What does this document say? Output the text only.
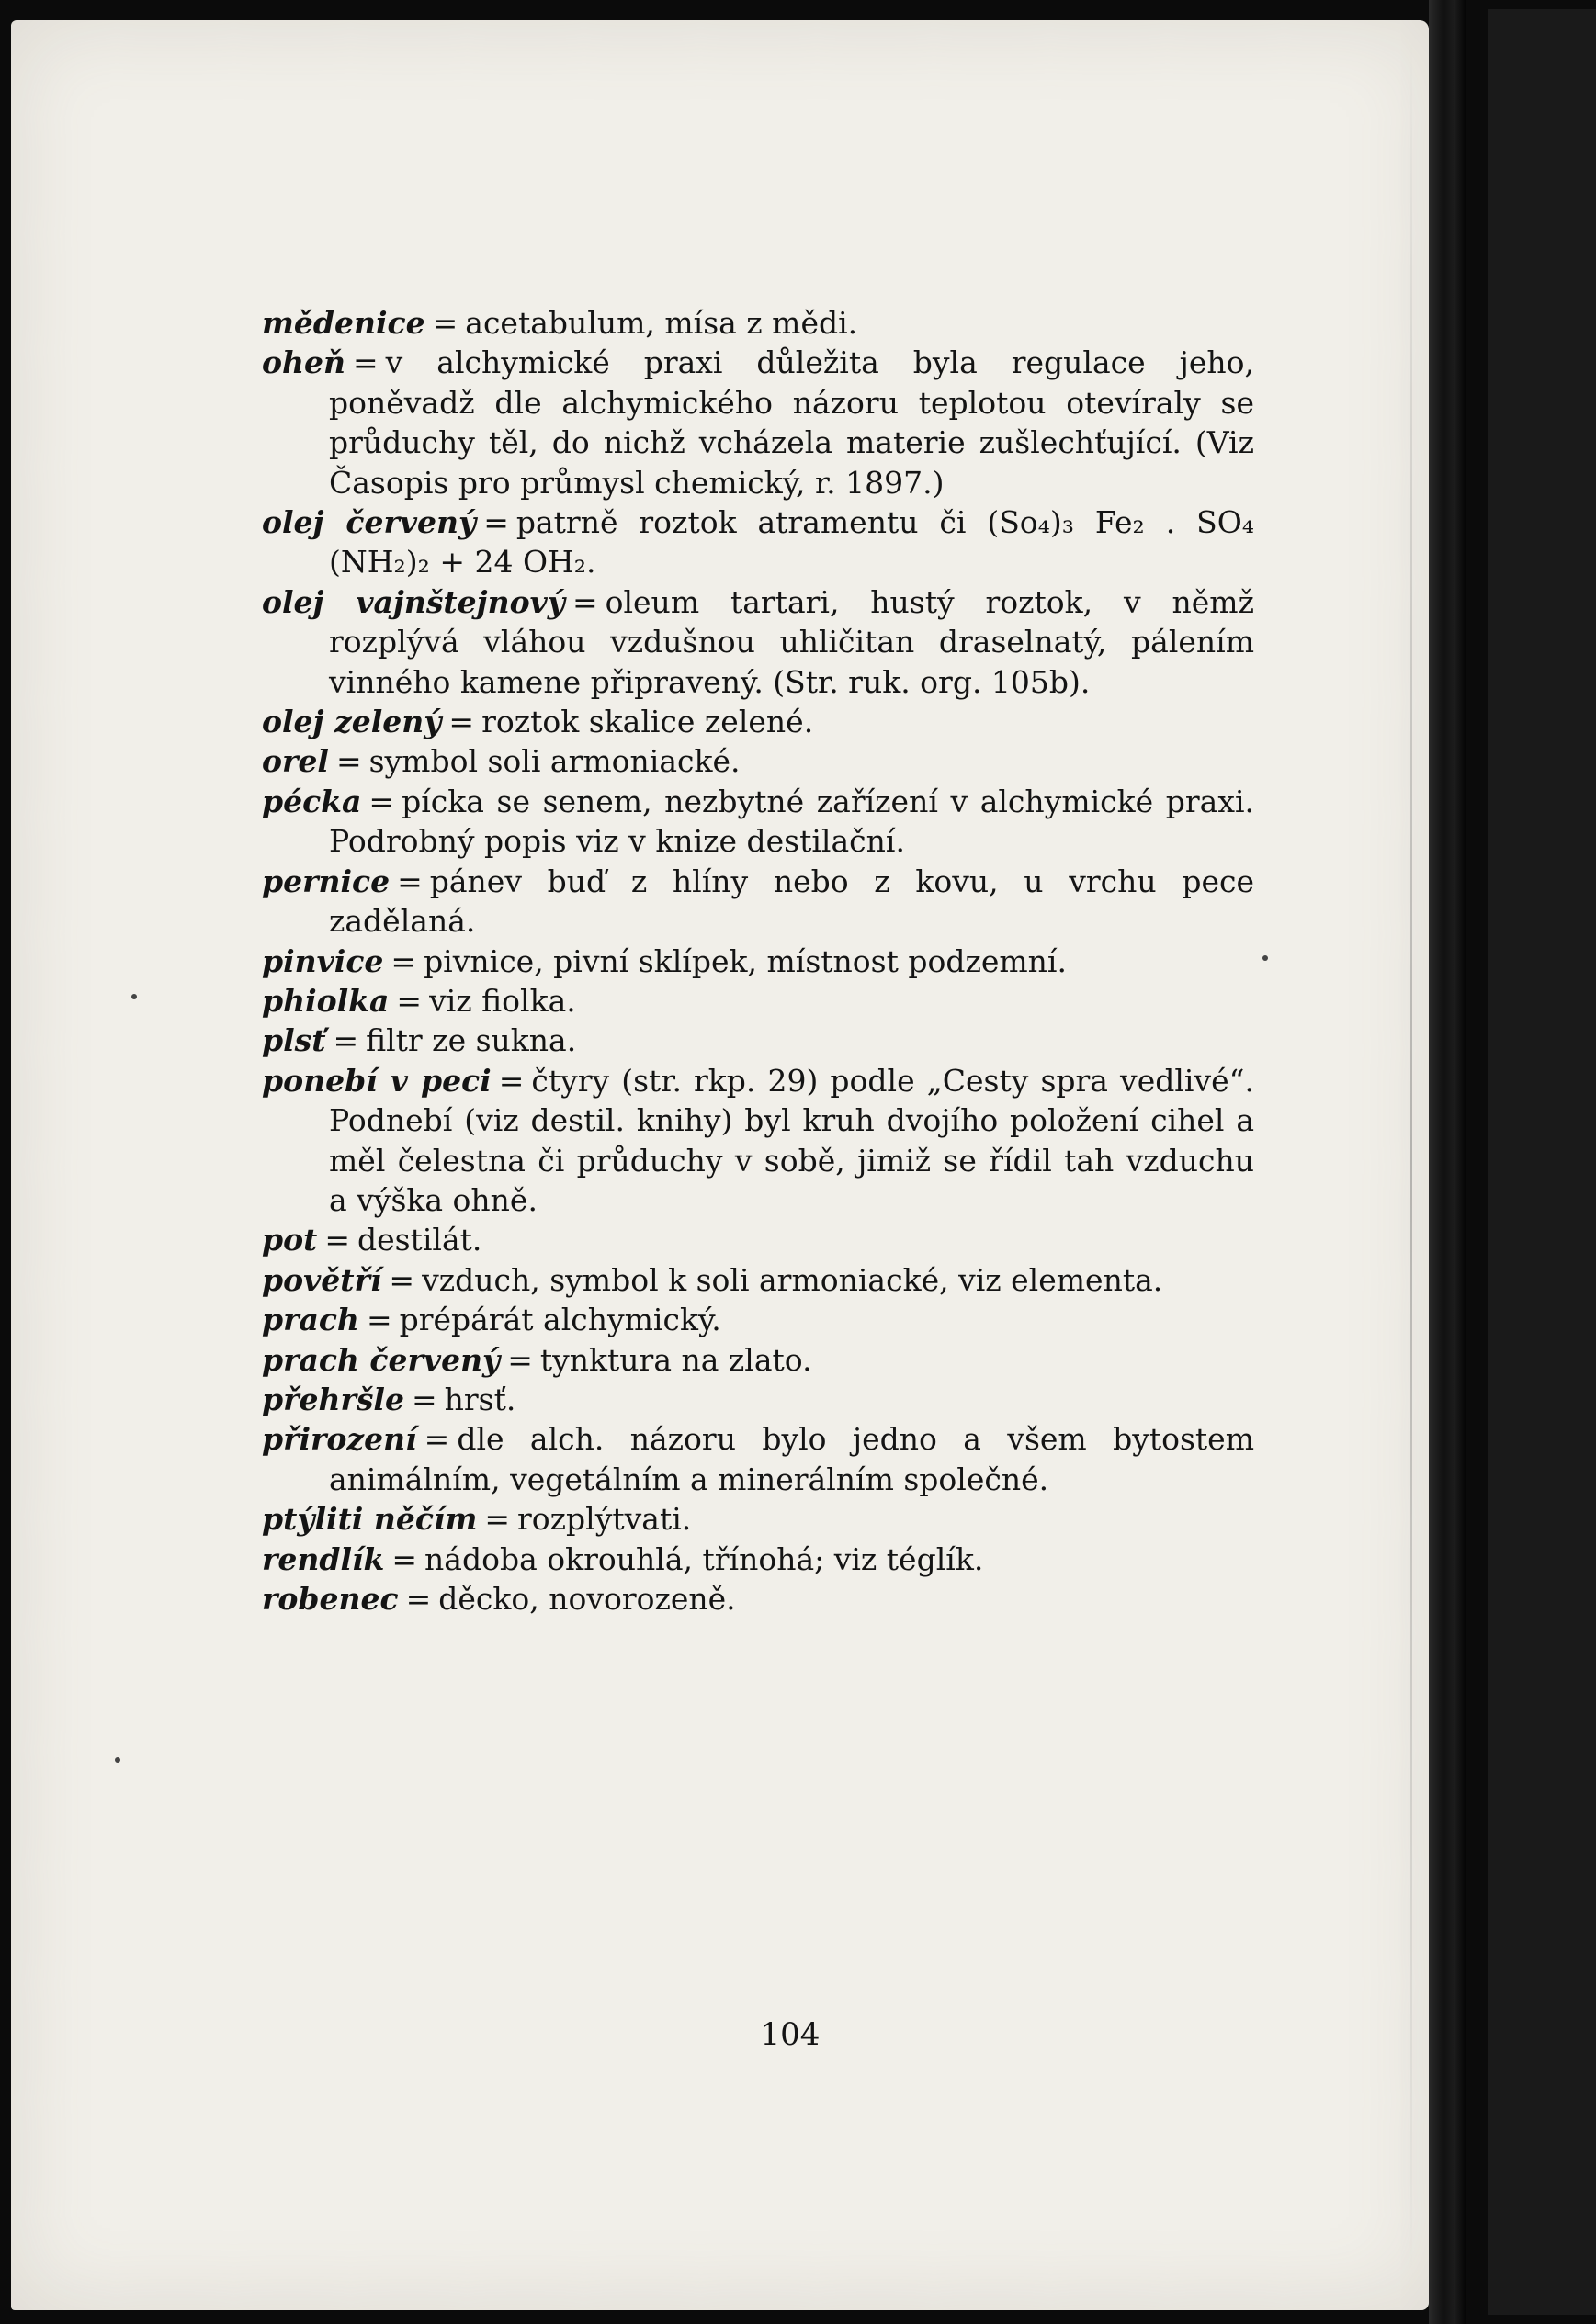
mědenice = acetabulum, mísa z mědi.

oheň = v alchymické praxi důležita byla regulace jeho, poněvadž dle alchymického názoru teplotou otevíraly se průduchy těl, do nichž vcházela materie zušlechťující. (Viz Časopis pro průmysl chemický, r. 1897.)

olej červený = patrně roztok atramentu či (So₄)₃ Fe₂ . SO₄ (NH₂)₂ + 24 OH₂.

olej vajnštejnový = oleum tartari, hustý roztok, v němž rozplývá vláhou vzdušnou uhličitan draselnatý, pálením vinného kamene připravený. (Str. ruk. org. 105b).

olej zelený = roztok skalice zelené.

orel = symbol soli armoniacké.

pécka = pícka se senem, nezbytné zařízení v alchymické praxi. Podrobný popis viz v knize destilační.

pernice = pánev buď z hlíny nebo z kovu, u vrchu pece zadělaná.

pinvice = pivnice, pivní sklípek, místnost podzemní.

phiolka = viz fiolka.

plsť = filtr ze sukna.

ponebí v peci = čtyry (str. rkp. 29) podle „Cesty spra vedlivé“. Podnebí (viz destil. knihy) byl kruh dvojího položení cihel a měl čelestna či průduchy v sobě, jimiž se řídil tah vzduchu a výška ohně.

pot = destilát.

povětří = vzduch, symbol k soli armoniacké, viz elementa.

prach = prépárát alchymický.

prach červený = tynktura na zlato.

přehršle = hrsť.

přirození = dle alch. názoru bylo jedno a všem bytostem animálním, vegetálním a minerálním společné.

ptýliti něčím = rozplýtvati.

rendlík = nádoba okrouhlá, třínohá; viz téglík.

robenec = děcko, novorozeně.

104
